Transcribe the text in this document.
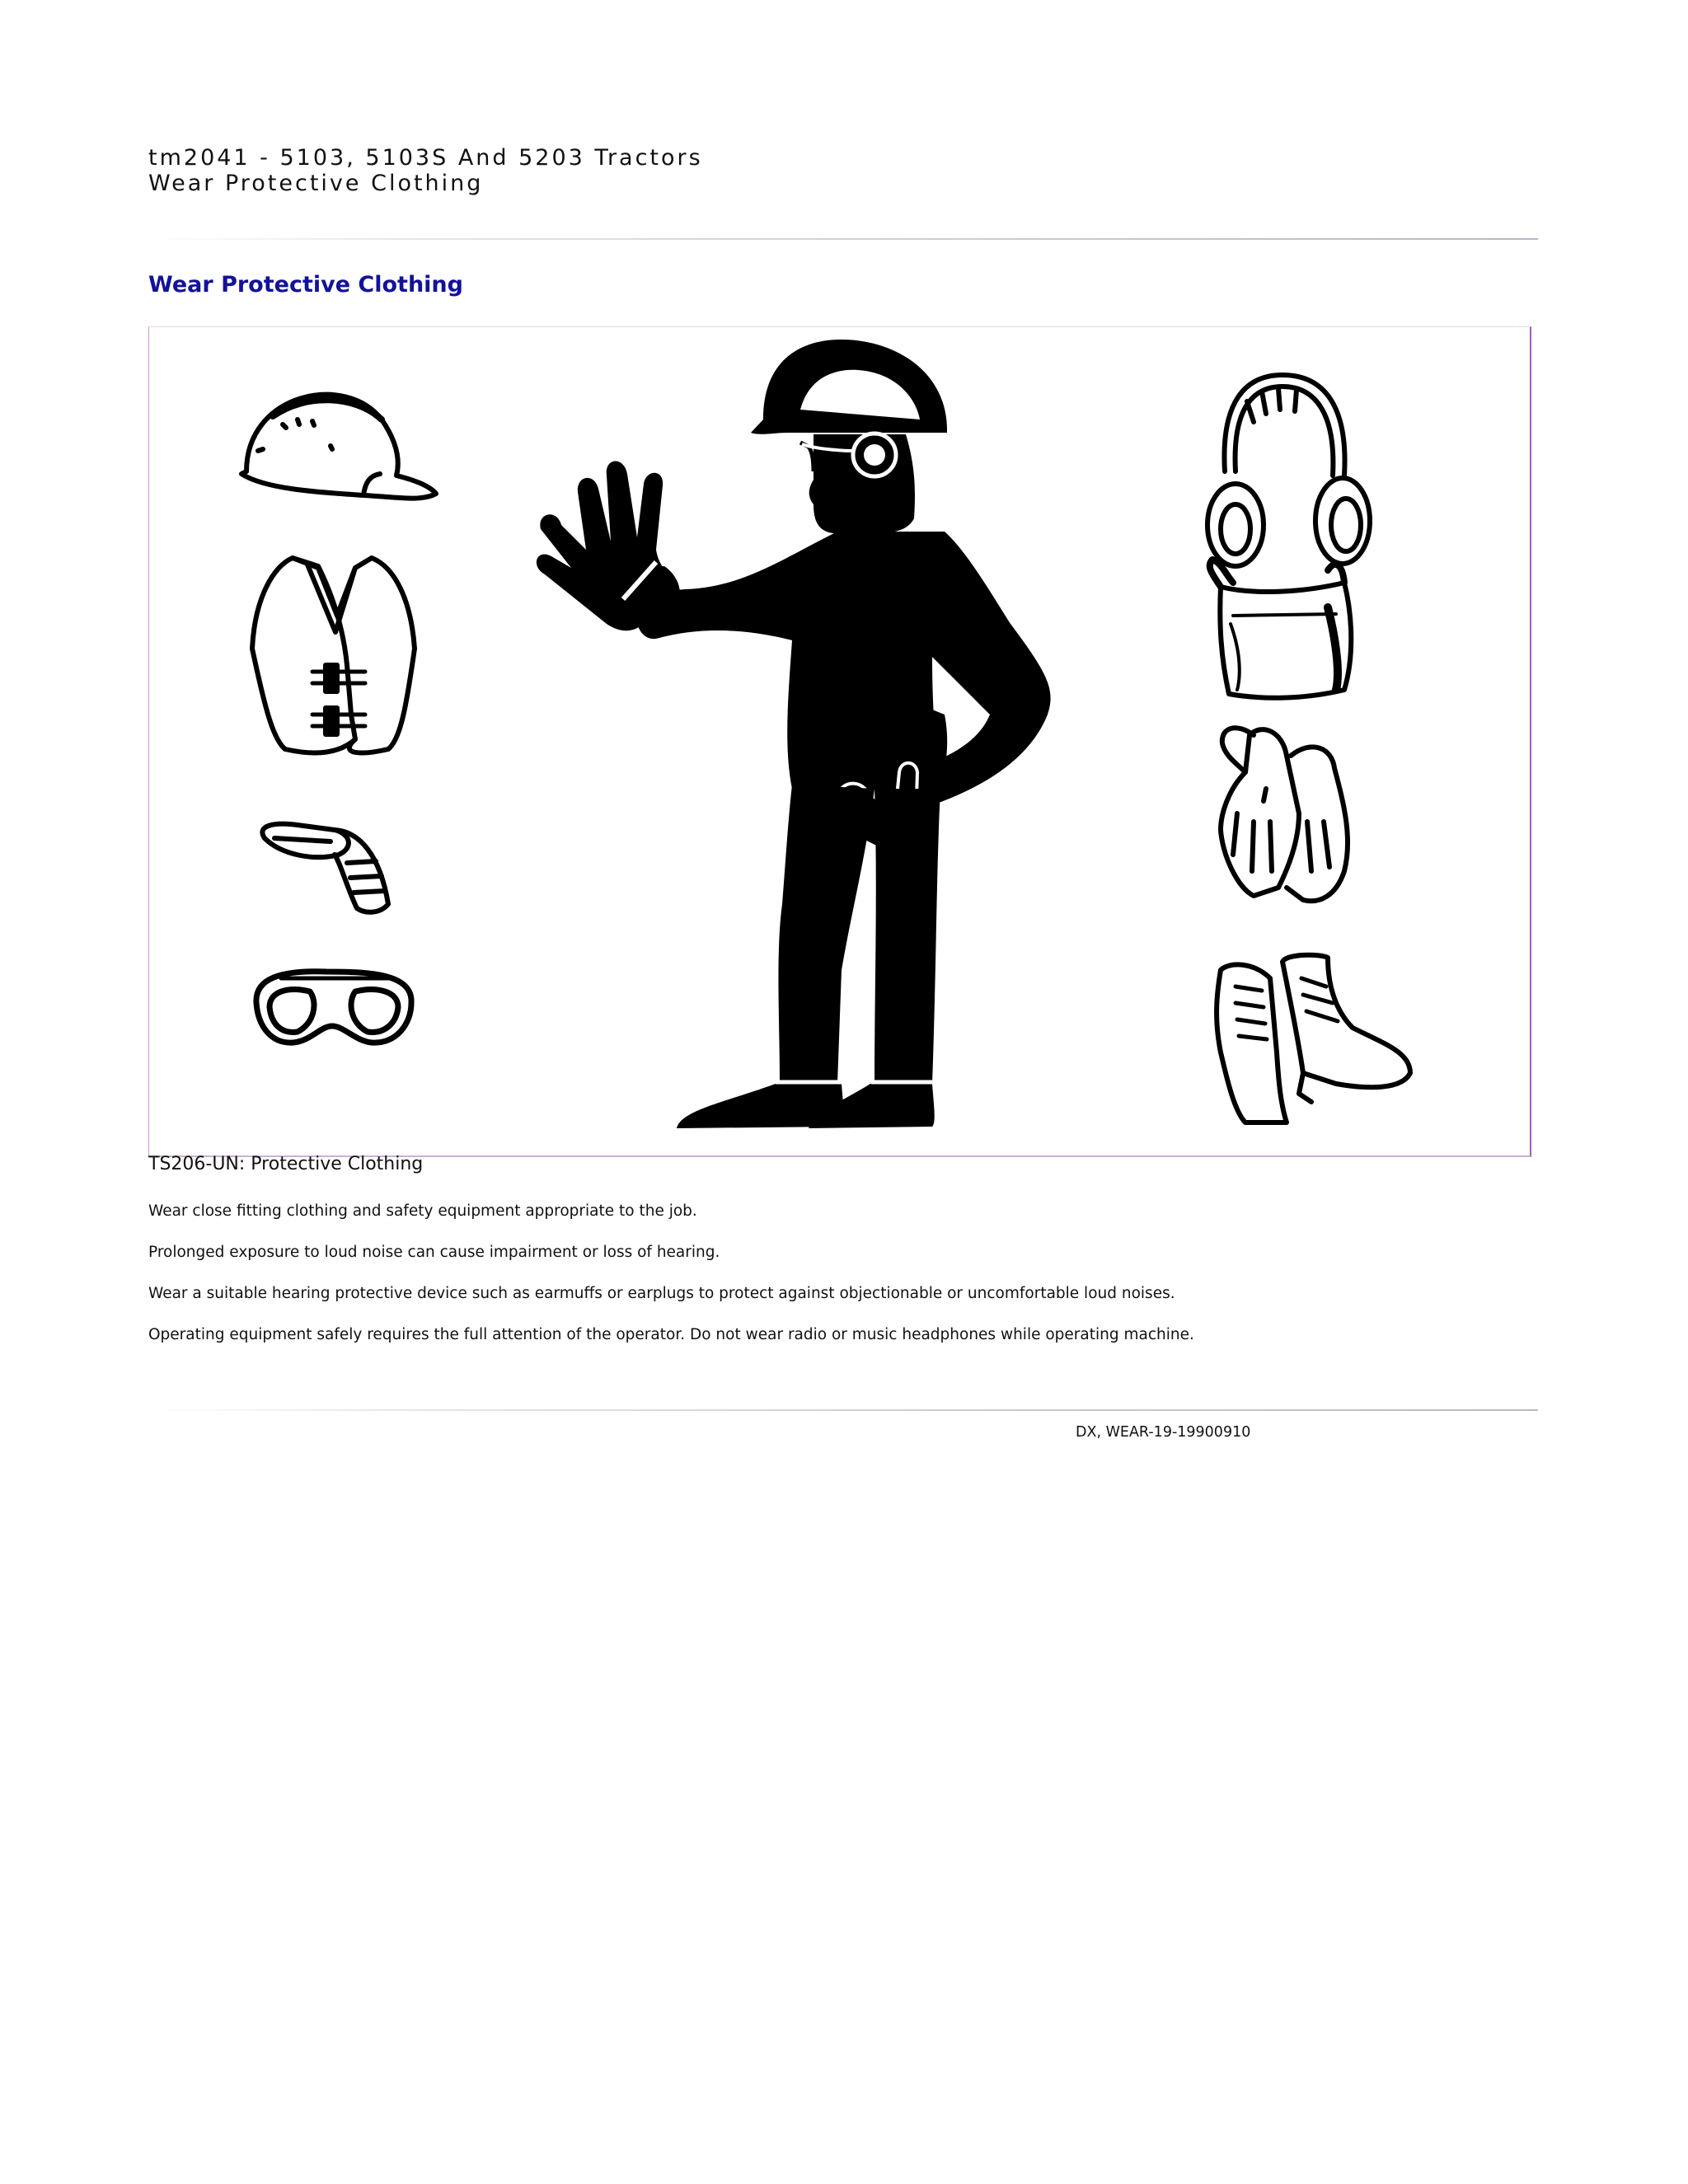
tm2041 - 5103, 5103S And 5203 Tractors
Wear Protective Clothing
Wear Protective Clothing
TS206-UN: Protective Clothing
Wear close fitting clothing and safety equipment appropriate to the job.
Prolonged exposure to loud noise can cause impairment or loss of hearing.
Wear a suitable hearing protective device such as earmuffs or earplugs to protect against objectionable or uncomfortable loud noises.
Operating equipment safely requires the full attention of the operator. Do not wear radio or music headphones while operating machine.
DX, WEAR-19-19900910
